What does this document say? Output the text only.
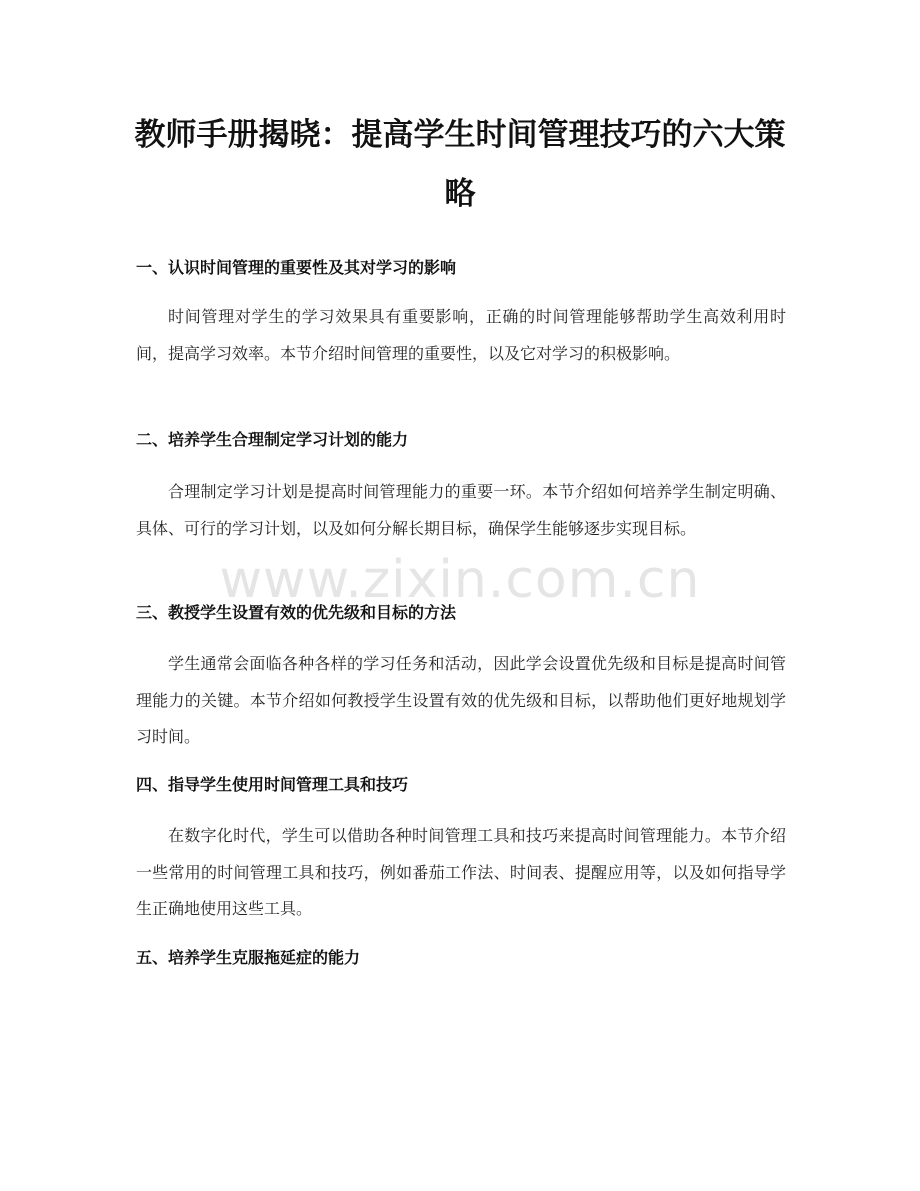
教师手册揭晓：提高学生时间管理技巧的六大策略
一、认识时间管理的重要性及其对学习的影响

时间管理对学生的学习效果具有重要影响，正确的时间管理能够帮助学生高效利用时间，提高学习效率。本节介绍时间管理的重要性，以及它对学习的积极影响。

二、培养学生合理制定学习计划的能力

合理制定学习计划是提高时间管理能力的重要一环。本节介绍如何培养学生制定明确、具体、可行的学习计划，以及如何分解长期目标，确保学生能够逐步实现目标。

三、教授学生设置有效的优先级和目标的方法

学生通常会面临各种各样的学习任务和活动，因此学会设置优先级和目标是提高时间管理能力的关键。本节介绍如何教授学生设置有效的优先级和目标，以帮助他们更好地规划学习时间。

四、指导学生使用时间管理工具和技巧

在数字化时代，学生可以借助各种时间管理工具和技巧来提高时间管理能力。本节介绍一些常用的时间管理工具和技巧，例如番茄工作法、时间表、提醒应用等，以及如何指导学生正确地使用这些工具。

五、培养学生克服拖延症的能力
www.zixin.com.cn
